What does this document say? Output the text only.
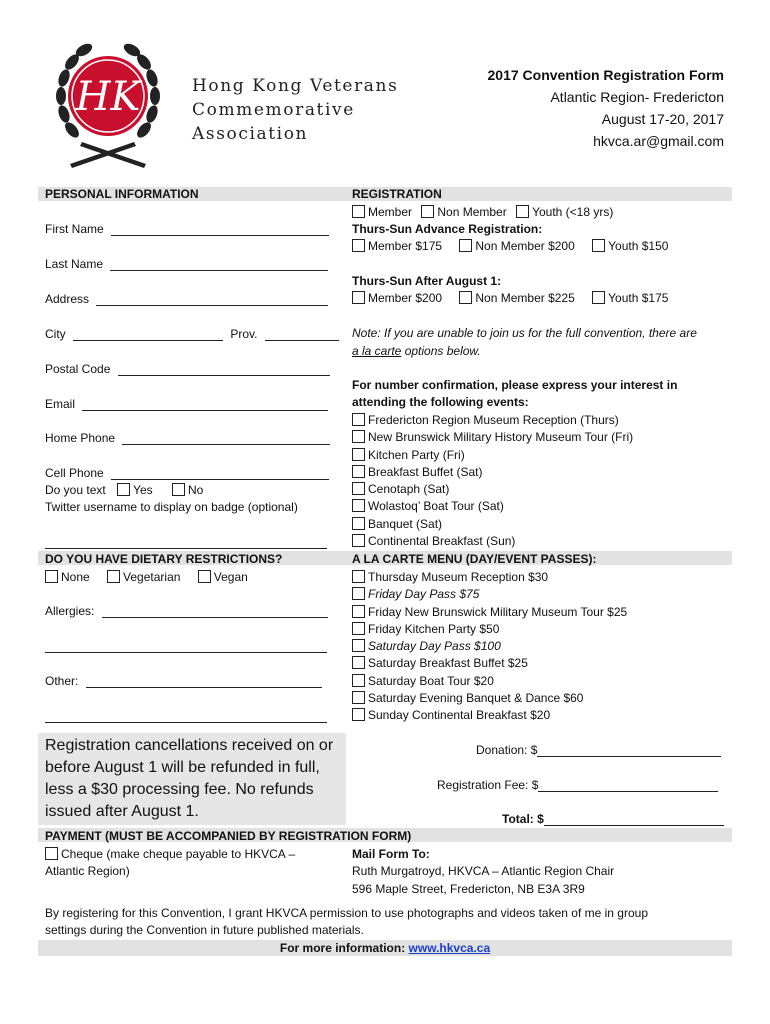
HK	Hong Kong Veterans
Commemorative
Association
2017 Convention Registration Form
Atlantic Region- Fredericton
August 17-20, 2017
hkvca.ar@gmail.com
PERSONAL INFORMATION
First Name
Last Name
Address
City	Prov.
Postal Code
Email
Home Phone
Cell Phone
Do you text Yes	No
Twitter username to display on badge (optional)
DO YOU HAVE DIETARY RESTRICTIONS?
None	Vegetarian	Vegan
Allergies:
Other:
REGISTRATION
Member Non Member Youth (<18 yrs)
Thurs-Sun Advance Registration:
Member $175	Non Member $200	Youth $150
Thurs-Sun After August 1:
Member $200	Non Member $225	Youth $175
Note: If you are unable to join us for the full convention, there are
a la carte options below.
For number confirmation, please express your interest in
attending the following events:
Fredericton Region Museum Reception (Thurs)
New Brunswick Military History Museum Tour (Fri)
Kitchen Party (Fri)
Breakfast Buffet (Sat)
Cenotaph (Sat)
Wolastoq’ Boat Tour (Sat)
Banquet (Sat)
Continental Breakfast (Sun)
A LA CARTE MENU (DAY/EVENT PASSES):
Thursday Museum Reception $30
Friday Day Pass $75
Friday New Brunswick Military Museum Tour $25
Friday Kitchen Party $50
Saturday Day Pass $100
Saturday Breakfast Buffet $25
Saturday Boat Tour $20
Saturday Evening Banquet & Dance $60
Sunday Continental Breakfast $20
Registration cancellations received on or before August 1 will be refunded in full, less a $30 processing fee. No refunds issued after August 1.
Donation: $
Registration Fee: $
Total: $
PAYMENT (MUST BE ACCOMPANIED BY REGISTRATION FORM)
Cheque (make cheque payable to HKVCA –
Atlantic Region)
Mail Form To:
Ruth Murgatroyd, HKVCA – Atlantic Region Chair
596 Maple Street, Fredericton, NB E3A 3R9
By registering for this Convention, I grant HKVCA permission to use photographs and videos taken of me in group
settings during the Convention in future published materials.
For more information: www.hkvca.ca
